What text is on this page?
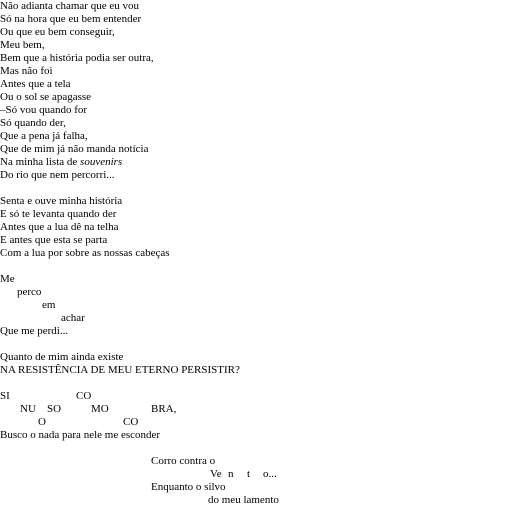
Não adianta chamar que eu vou
Só na hora que eu bem entender
Ou que eu bem conseguir,
Meu bem,
Bem que a história podia ser outra,
Mas não foi
Antes que a tela
Ou o sol se apagasse
–Só vou quando for
Só quando der,
Que a pena já falha,
Que de mim já não manda notícia
Na minha lista de souvenirs
Do rio que nem percorri...
Senta e ouve minha história
E só te levanta quando der
Antes que a lua dê na telha
E antes que esta se parta
Com a lua por sobre as nossas cabeças
Me
perco
em
achar
Que me perdi...
Quanto de mim ainda existe
NA RESISTÊNCIA DE MEU ETERNO PERSISTIR?
SI	CO
NU SO	MO	BRA,
O	CO
Busco o nada para nele me esconder
Corro contra o
Ve n t o...
Enquanto o silvo
do meu lamento
